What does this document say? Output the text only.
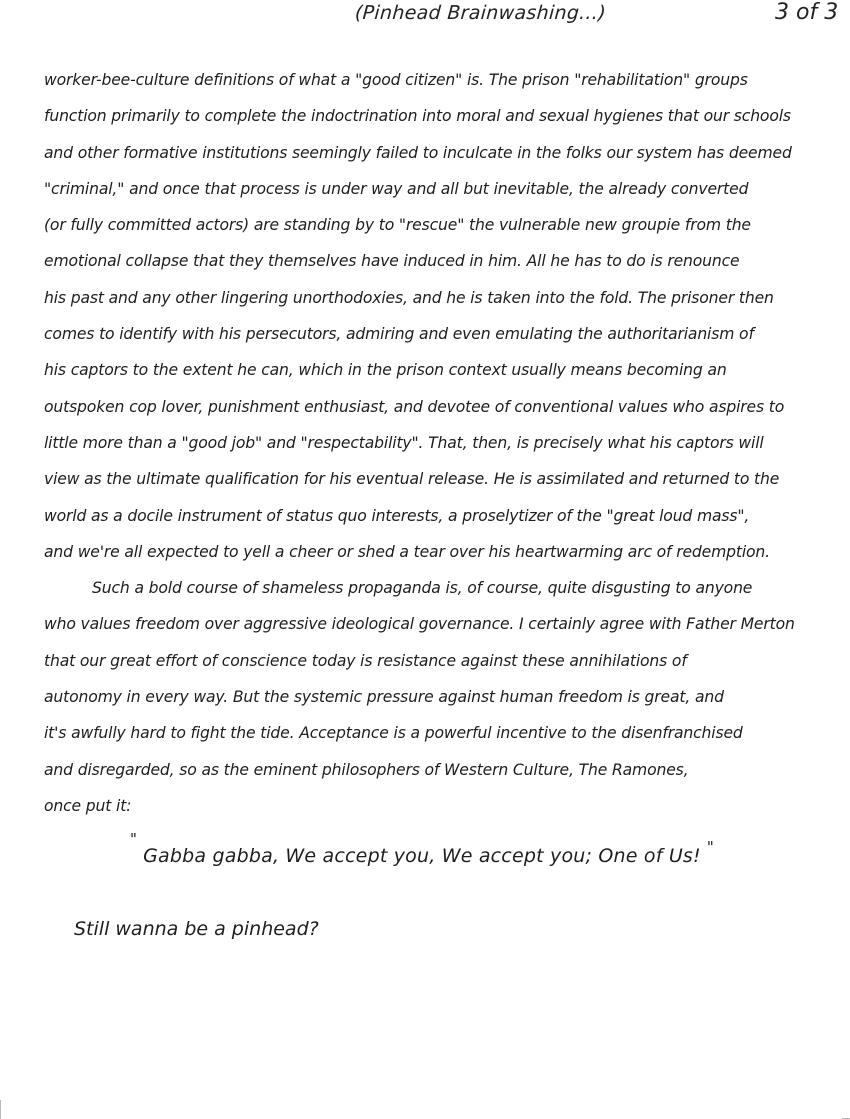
(Pinhead Brainwashing...)	3 of 3
worker-bee-culture definitions of what a "good citizen" is. The prison "rehabilitation" groups
function primarily to complete the indoctrination into moral and sexual hygienes that our schools
and other formative institutions seemingly failed to inculcate in the folks our system has deemed
"criminal," and once that process is under way and all but inevitable, the already converted
(or fully committed actors) are standing by to "rescue" the vulnerable new groupie from the
emotional collapse that they themselves have induced in him. All he has to do is renounce
his past and any other lingering unorthodoxies, and he is taken into the fold. The prisoner then
comes to identify with his persecutors, admiring and even emulating the authoritarianism of
his captors to the extent he can, which in the prison context usually means becoming an
outspoken cop lover, punishment enthusiast, and devotee of conventional values who aspires to
little more than a "good job" and "respectability". That, then, is precisely what his captors will
view as the ultimate qualification for his eventual release. He is assimilated and returned to the
world as a docile instrument of status quo interests, a proselytizer of the "great loud mass",
and we're all expected to yell a cheer or shed a tear over his heartwarming arc of redemption.
Such a bold course of shameless propaganda is, of course, quite disgusting to anyone
who values freedom over aggressive ideological governance. I certainly agree with Father Merton
that our great effort of conscience today is resistance against these annihilations of
autonomy in every way. But the systemic pressure against human freedom is great, and
it's awfully hard to fight the tide. Acceptance is a powerful incentive to the disenfranchised
and disregarded, so as the eminent philosophers of Western Culture, The Ramones,
once put it:
"Gabba gabba, We accept you, We accept you; One of Us! "
Still wanna be a pinhead?
